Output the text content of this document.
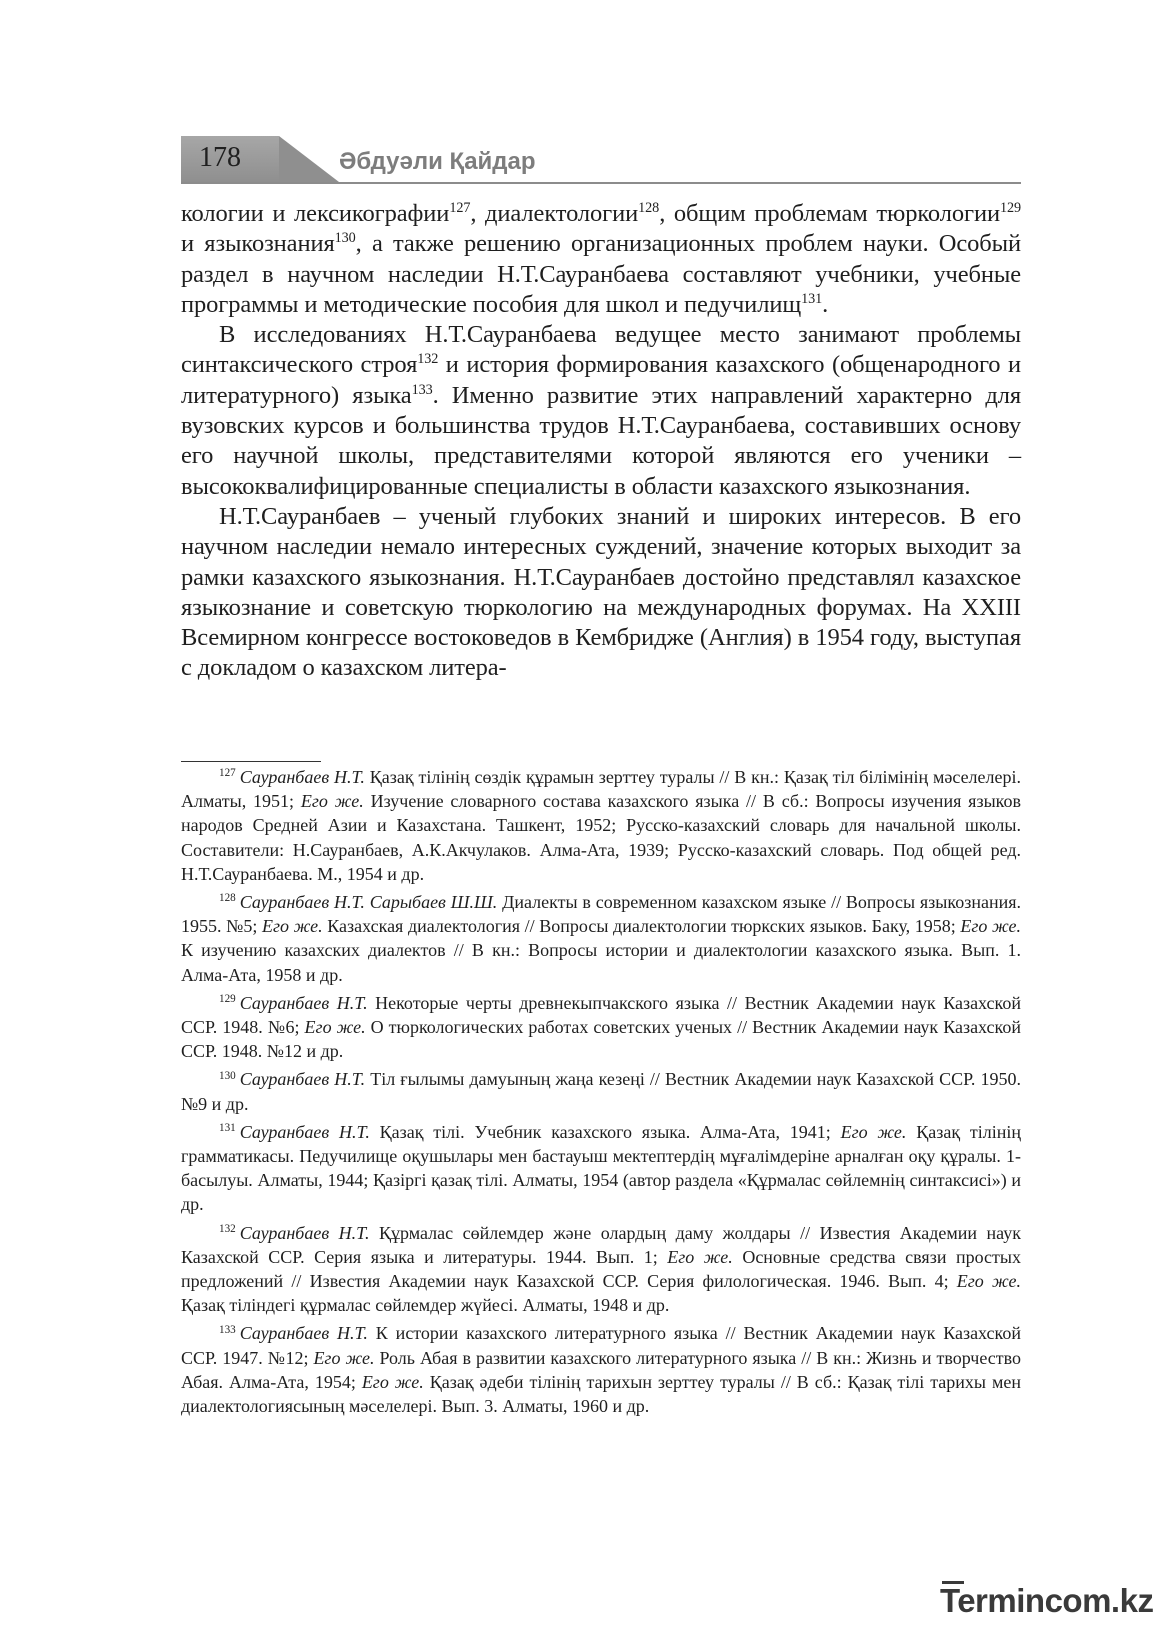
178	Әбдуәли Қайдар

кологии и лексикографии$^{127}$, диалектологии$^{128}$, общим проблемам тюркологии$^{129}$ и языкознания$^{130}$, а также решению организационных проблем науки. Особый раздел в научном наследии Н.Т.Сауранбаева составляют учебники, учебные программы и методические пособия для школ и педучилищ$^{131}$.

В исследованиях Н.Т.Сауранбаева ведущее место занимают проблемы синтаксического строя$^{132}$ и история формирования казахского (общенародного и литературного) языка$^{133}$. Именно развитие этих направлений характерно для вузовских курсов и большинства трудов Н.Т.Сауранбаева, составивших основу его научной школы, представителями которой являются его ученики – высококвалифицированные специалисты в области казахского языкознания.

Н.Т.Сауранбаев – ученый глубоких знаний и широких интересов. В его научном наследии немало интересных суждений, значение которых выходит за рамки казахского языкознания. Н.Т.Сауранбаев достойно представлял казахское языкознание и советскую тюркологию на международных форумах. На XXIII Всемирном конгрессе востоковедов в Кембридже (Англия) в 1954 году, выступая с докладом о казахском литера-

$^{127}$ Сауранбаев Н.Т. Қазақ тілінің сөздік құрамын зерттеу туралы // В кн.: Қазақ тіл білімінің мәселелері. Алматы, 1951; Его же. Изучение словарного состава казахского языка // В сб.: Вопросы изучения языков народов Средней Азии и Казахстана. Ташкент, 1952; Русско-казахский словарь для начальной школы. Составители: Н.Сауранбаев, А.К.Акчулаков. Алма-Ата, 1939; Русско-казахский словарь. Под общей ред. Н.Т.Сауранбаева. М., 1954 и др.

$^{128}$ Сауранбаев Н.Т. Сарыбаев Ш.Ш. Диалекты в современном казахском языке // Вопросы языкознания. 1955. №5; Его же. Казахская диалектология // Вопросы диалектологии тюркских языков. Баку, 1958; Его же. К изучению казахских диалектов // В кн.: Вопросы истории и диалектологии казахского языка. Вып. 1. Алма-Ата, 1958 и др.

$^{129}$ Сауранбаев Н.Т. Некоторые черты древнекыпчакского языка // Вестник Академии наук Казахской ССР. 1948. №6; Его же. О тюркологических работах советских ученых // Вестник Академии наук Казахской ССР. 1948. №12 и др.

$^{130}$ Сауранбаев Н.Т. Тіл ғылымы дамуының жаңа кезеңі // Вестник Академии наук Казахской ССР. 1950. №9 и др.

$^{131}$ Сауранбаев Н.Т. Қазақ тілі. Учебник казахского языка. Алма-Ата, 1941; Его же. Қазақ тілінің грамматикасы. Педучилище оқушылары мен бастауыш мектептердің мұғалімдеріне арналған оқу құралы. 1-басылуы. Алматы, 1944; Қазіргі қазақ тілі. Алматы, 1954 (автор раздела «Құрмалас сөйлемнің синтаксисі») и др.

$^{132}$ Сауранбаев Н.Т. Құрмалас сөйлемдер және олардың даму жолдары // Известия Академии наук Казахской ССР. Серия языка и литературы. 1944. Вып. 1; Его же. Основные средства связи простых предложений // Известия Академии наук Казахской ССР. Серия филологическая. 1946. Вып. 4; Его же. Қазақ тіліндегі құрмалас сөйлемдер жүйесі. Алматы, 1948 и др.

$^{133}$ Сауранбаев Н.Т. К истории казахского литературного языка // Вестник Академии наук Казахской ССР. 1947. №12; Его же. Роль Абая в развитии казахского литературного языка // В кн.: Жизнь и творчество Абая. Алма-Ата, 1954; Его же. Қазақ әдеби тілінің тарихын зерттеу туралы // В сб.: Қазақ тілі тарихы мен диалектологиясының мәселелері. Вып. 3. Алматы, 1960 и др.

Termincom.kz
